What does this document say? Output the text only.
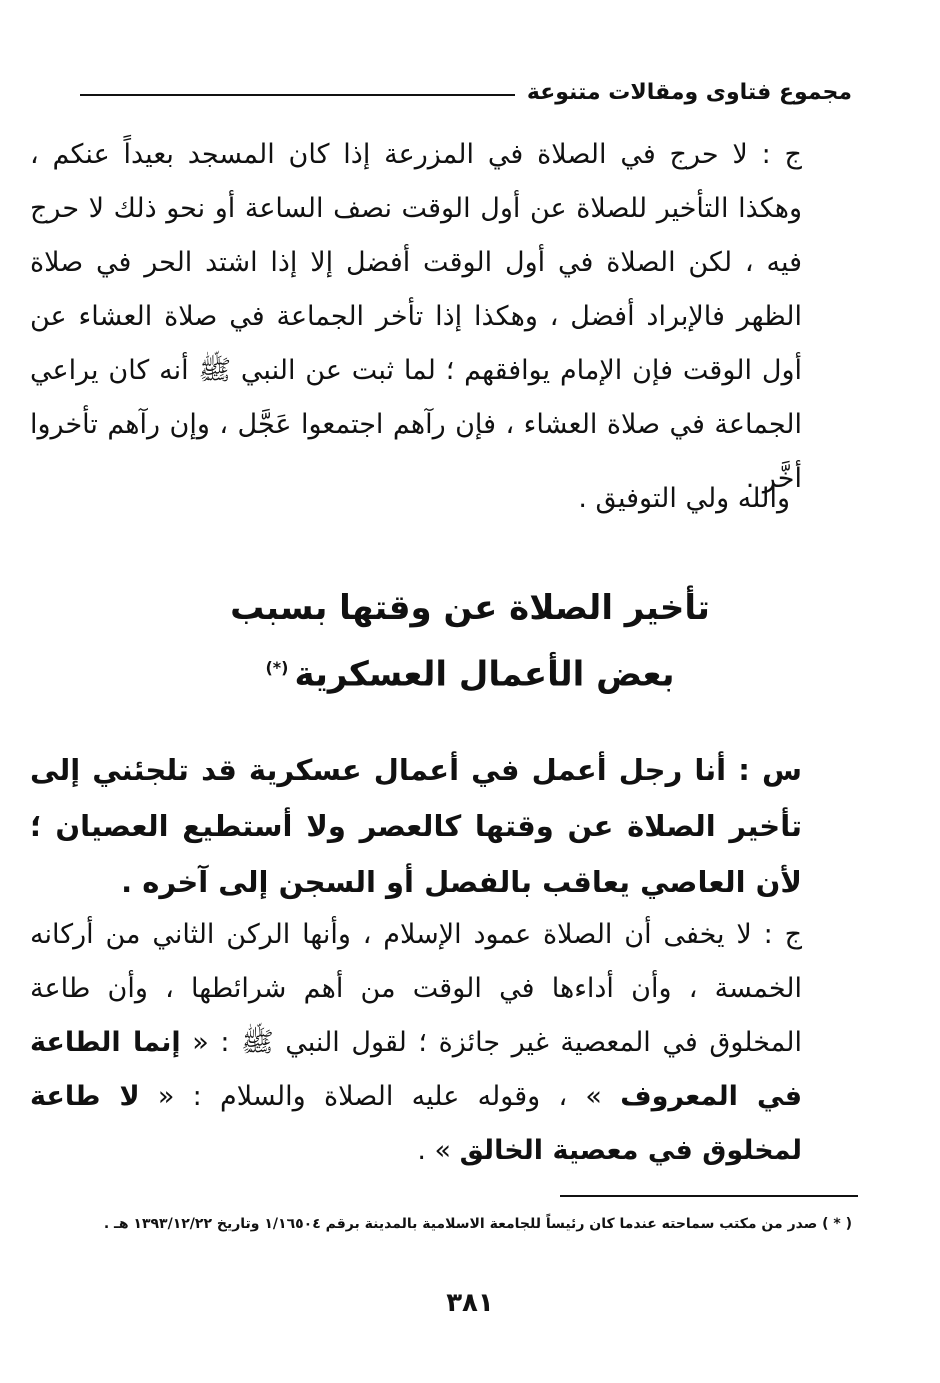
مجموع فتاوى ومقالات متنوعة

ج : لا حرج في الصلاة في المزرعة إذا كان المسجد بعيداً عنكم ، وهكذا التأخير للصلاة عن أول الوقت نصف الساعة أو نحو ذلك لا حرج فيه ، لكن الصلاة في أول الوقت أفضل إلا إذا اشتد الحر في صلاة الظهر فالإبراد أفضل ، وهكذا إذا تأخر الجماعة في صلاة العشاء عن أول الوقت فإن الإمام يوافقهم ؛ لما ثبت عن النبي ﷺ أنه كان يراعي الجماعة في صلاة العشاء ، فإن رآهم اجتمعوا عَجَّل ، وإن رآهم تأخروا أخَّر .

والله ولي التوفيق .
تأخير الصلاة عن وقتها بسبب
بعض الأعمال العسكرية(*)

س : أنا رجل أعمل في أعمال عسكرية قد تلجئني إلى تأخير الصلاة عن وقتها كالعصر ولا أستطيع العصيان ؛ لأن العاصي يعاقب بالفصل أو السجن إلى آخره .

ج : لا يخفى أن الصلاة عمود الإسلام ، وأنها الركن الثاني من أركانه الخمسة ، وأن أداءها في الوقت من أهم شرائطها ، وأن طاعة المخلوق في المعصية غير جائزة ؛ لقول النبي ﷺ : « إنما الطاعة في المعروف » ، وقوله عليه الصلاة والسلام : « لا طاعة لمخلوق في معصية الخالق » .

( * ) صدر من مكتب سماحته عندما كان رئيساً للجامعة الاسلامية بالمدينة برقم ١/١٦٥٠٤ وتاريخ ١٣٩٣/١٢/٢٢ هـ .
٣٨١
